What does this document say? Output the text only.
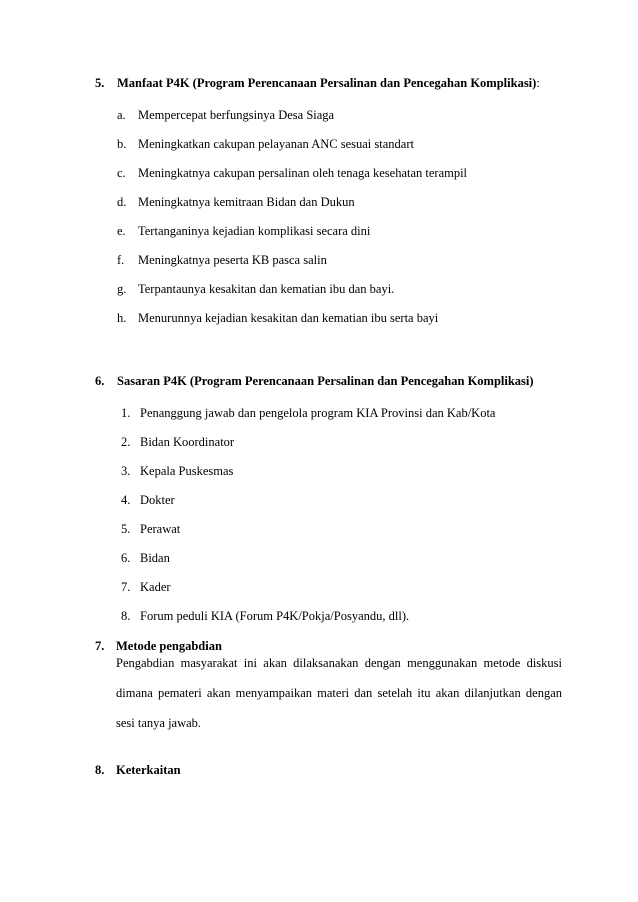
5. Manfaat P4K (Program Perencanaan Persalinan dan Pencegahan Komplikasi):
a. Mempercepat berfungsinya Desa Siaga
b. Meningkatkan cakupan pelayanan ANC sesuai standart
c. Meningkatnya cakupan persalinan oleh tenaga kesehatan terampil
d. Meningkatnya kemitraan Bidan dan Dukun
e. Tertanganinya kejadian komplikasi secara dini
f. Meningkatnya peserta KB pasca salin
g. Terpantaunya kesakitan dan kematian ibu dan bayi.
h. Menurunnya kejadian kesakitan dan kematian ibu serta bayi
6. Sasaran P4K (Program Perencanaan Persalinan dan Pencegahan Komplikasi)
1. Penanggung jawab dan pengelola program KIA Provinsi dan Kab/Kota
2. Bidan Koordinator
3. Kepala Puskesmas
4. Dokter
5. Perawat
6. Bidan
7. Kader
8. Forum peduli KIA (Forum P4K/Pokja/Posyandu, dll).
7. Metode pengabdian
Pengabdian masyarakat ini akan dilaksanakan dengan menggunakan metode diskusi
dimana pemateri akan menyampaikan materi dan setelah itu akan dilanjutkan dengan
sesi tanya jawab.
8. Keterkaitan
